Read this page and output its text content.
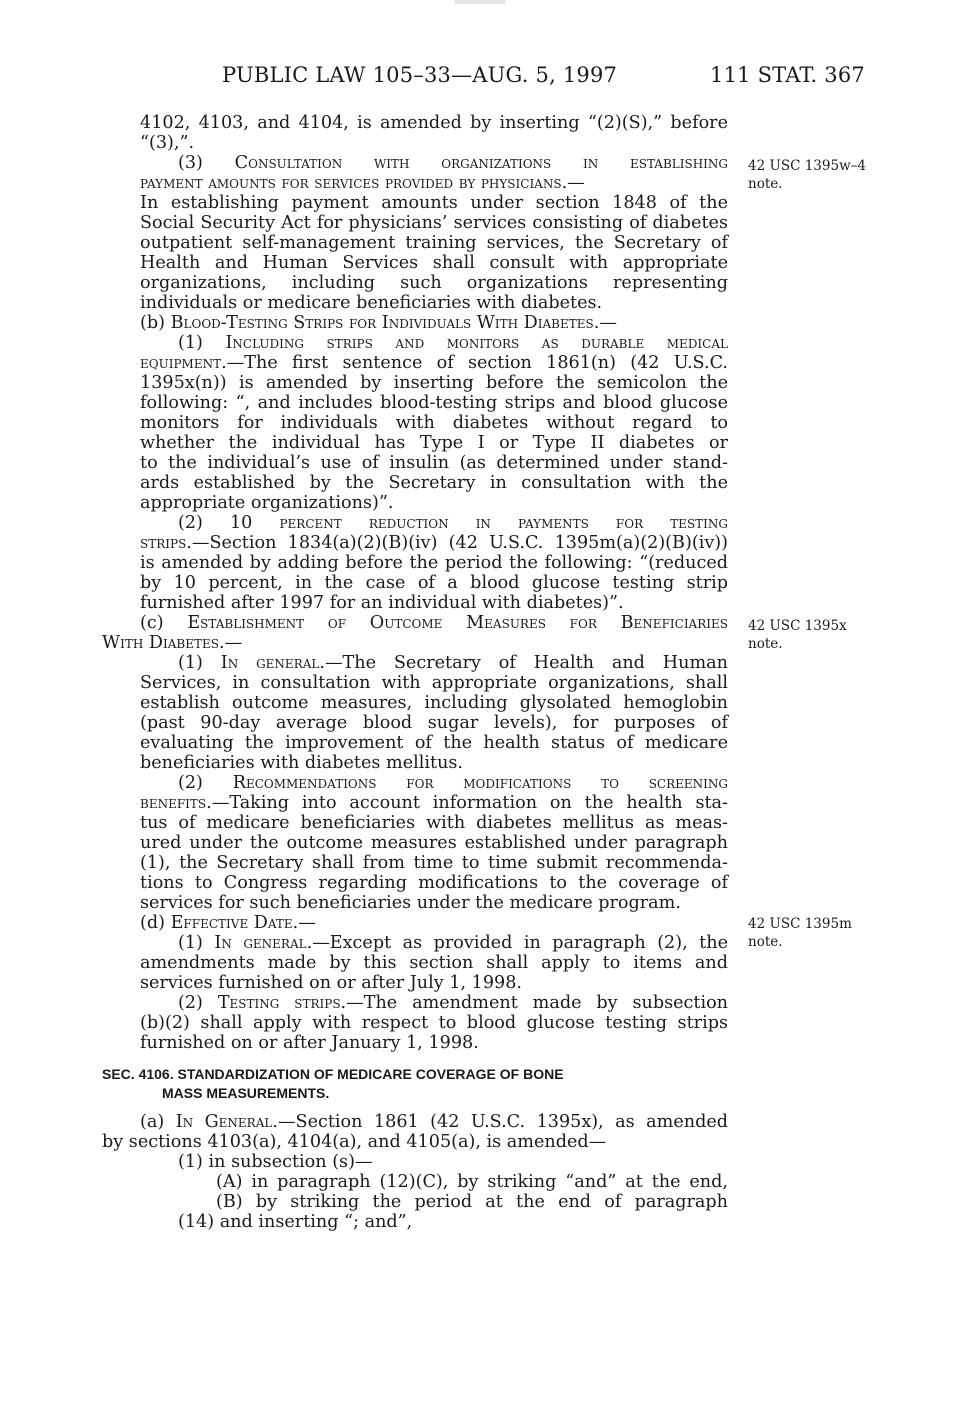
PUBLIC LAW 105–33—AUG. 5, 1997	111 STAT. 367
42 USC 1395w–4
note.
42 USC 1395x
note.
42 USC 1395m
note.
4102, 4103, and 4104, is amended by inserting “(2)(S),” before
“(3),”.
(3) Consultation with organizations in establishing
payment amounts for services provided by physicians.—
In establishing payment amounts under section 1848 of the
Social Security Act for physicians’ services consisting of diabetes
outpatient self-management training services, the Secretary of
Health and Human Services shall consult with appropriate
organizations, including such organizations representing
individuals or medicare beneficiaries with diabetes.
(b) Blood-Testing Strips for Individuals With Diabetes.—
(1) Including strips and monitors as durable medical
equipment.—The first sentence of section 1861(n) (42 U.S.C.
1395x(n)) is amended by inserting before the semicolon the
following: “, and includes blood-testing strips and blood glucose
monitors for individuals with diabetes without regard to
whether the individual has Type I or Type II diabetes or
to the individual’s use of insulin (as determined under stand-
ards established by the Secretary in consultation with the
appropriate organizations)”.
(2) 10 percent reduction in payments for testing
strips.—Section 1834(a)(2)(B)(iv) (42 U.S.C. 1395m(a)(2)(B)(iv))
is amended by adding before the period the following: “(reduced
by 10 percent, in the case of a blood glucose testing strip
furnished after 1997 for an individual with diabetes)”.
(c) Establishment of Outcome Measures for Beneficiaries
With Diabetes.—
(1) In general.—The Secretary of Health and Human
Services, in consultation with appropriate organizations, shall
establish outcome measures, including glysolated hemoglobin
(past 90-day average blood sugar levels), for purposes of
evaluating the improvement of the health status of medicare
beneficiaries with diabetes mellitus.
(2) Recommendations for modifications to screening
benefits.—Taking into account information on the health sta-
tus of medicare beneficiaries with diabetes mellitus as meas-
ured under the outcome measures established under paragraph
(1), the Secretary shall from time to time submit recommenda-
tions to Congress regarding modifications to the coverage of
services for such beneficiaries under the medicare program.
(d) Effective Date.—
(1) In general.—Except as provided in paragraph (2), the
amendments made by this section shall apply to items and
services furnished on or after July 1, 1998.
(2) Testing strips.—The amendment made by subsection
(b)(2) shall apply with respect to blood glucose testing strips
furnished on or after January 1, 1998.
SEC. 4106. STANDARDIZATION OF MEDICARE COVERAGE OF BONE
MASS MEASUREMENTS.
(a) In General.—Section 1861 (42 U.S.C. 1395x), as amended
by sections 4103(a), 4104(a), and 4105(a), is amended—
(1) in subsection (s)—
(A) in paragraph (12)(C), by striking “and” at the end,
(B) by striking the period at the end of paragraph
(14) and inserting “; and”,
